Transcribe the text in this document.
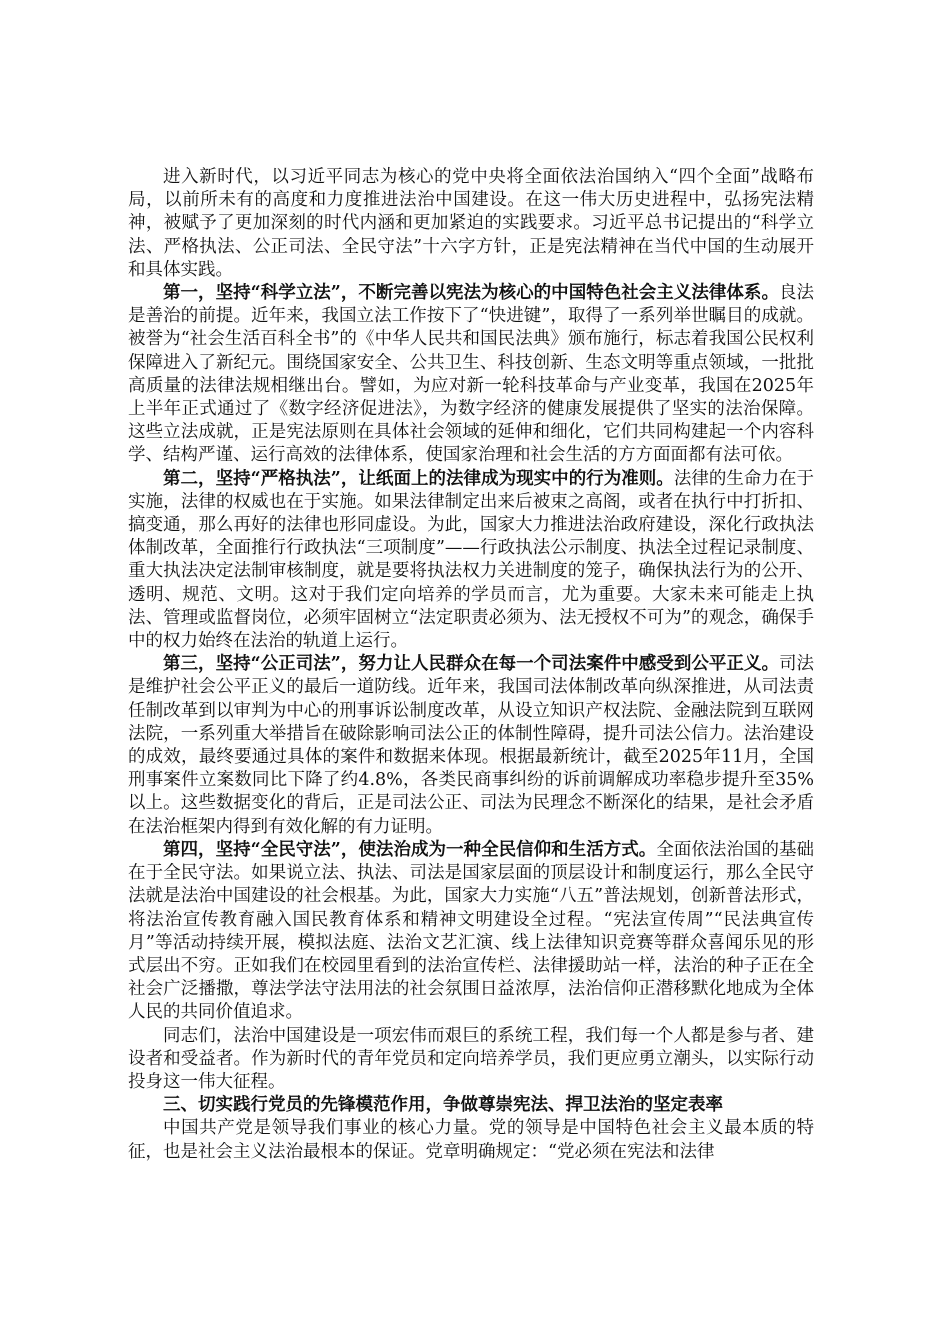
进入新时代，以习近平同志为核心的党中央将全面依法治国纳入“四个全面”战略布局，以前所未有的高度和力度推进法治中国建设。在这一伟大历史进程中，弘扬宪法精神，被赋予了更加深刻的时代内涵和更加紧迫的实践要求。习近平总书记提出的“科学立法、严格执法、公正司法、全民守法”十六字方针，正是宪法精神在当代中国的生动展开和具体实践。

第一，坚持“科学立法”，不断完善以宪法为核心的中国特色社会主义法律体系。良法是善治的前提。近年来，我国立法工作按下了“快进键”，取得了一系列举世瞩目的成就。被誉为“社会生活百科全书”的《中华人民共和国民法典》颁布施行，标志着我国公民权利保障进入了新纪元。围绕国家安全、公共卫生、科技创新、生态文明等重点领域，一批批高质量的法律法规相继出台。譬如，为应对新一轮科技革命与产业变革，我国在2025年上半年正式通过了《数字经济促进法》，为数字经济的健康发展提供了坚实的法治保障。这些立法成就，正是宪法原则在具体社会领域的延伸和细化，它们共同构建起一个内容科学、结构严谨、运行高效的法律体系，使国家治理和社会生活的方方面面都有法可依。

第二，坚持“严格执法”，让纸面上的法律成为现实中的行为准则。法律的生命力在于实施，法律的权威也在于实施。如果法律制定出来后被束之高阁，或者在执行中打折扣、搞变通，那么再好的法律也形同虚设。为此，国家大力推进法治政府建设，深化行政执法体制改革，全面推行行政执法“三项制度”——行政执法公示制度、执法全过程记录制度、重大执法决定法制审核制度，就是要将执法权力关进制度的笼子，确保执法行为的公开、透明、规范、文明。这对于我们定向培养的学员而言，尤为重要。大家未来可能走上执法、管理或监督岗位，必须牢固树立“法定职责必须为、法无授权不可为”的观念，确保手中的权力始终在法治的轨道上运行。

第三，坚持“公正司法”，努力让人民群众在每一个司法案件中感受到公平正义。司法是维护社会公平正义的最后一道防线。近年来，我国司法体制改革向纵深推进，从司法责任制改革到以审判为中心的刑事诉讼制度改革，从设立知识产权法院、金融法院到互联网法院，一系列重大举措旨在破除影响司法公正的体制性障碍，提升司法公信力。法治建设的成效，最终要通过具体的案件和数据来体现。根据最新统计，截至2025年11月，全国刑事案件立案数同比下降了约4.8%，各类民商事纠纷的诉前调解成功率稳步提升至35%以上。这些数据变化的背后，正是司法公正、司法为民理念不断深化的结果，是社会矛盾在法治框架内得到有效化解的有力证明。

第四，坚持“全民守法”，使法治成为一种全民信仰和生活方式。全面依法治国的基础在于全民守法。如果说立法、执法、司法是国家层面的顶层设计和制度运行，那么全民守法就是法治中国建设的社会根基。为此，国家大力实施“八五”普法规划，创新普法形式，将法治宣传教育融入国民教育体系和精神文明建设全过程。“宪法宣传周”“民法典宣传月”等活动持续开展，模拟法庭、法治文艺汇演、线上法律知识竞赛等群众喜闻乐见的形式层出不穷。正如我们在校园里看到的法治宣传栏、法律援助站一样，法治的种子正在全社会广泛播撒，尊法学法守法用法的社会氛围日益浓厚，法治信仰正潜移默化地成为全体人民的共同价值追求。

同志们，法治中国建设是一项宏伟而艰巨的系统工程，我们每一个人都是参与者、建设者和受益者。作为新时代的青年党员和定向培养学员，我们更应勇立潮头，以实际行动投身这一伟大征程。

三、切实践行党员的先锋模范作用，争做尊崇宪法、捍卫法治的坚定表率

中国共产党是领导我们事业的核心力量。党的领导是中国特色社会主义最本质的特征，也是社会主义法治最根本的保证。党章明确规定：“党必须在宪法和法律
